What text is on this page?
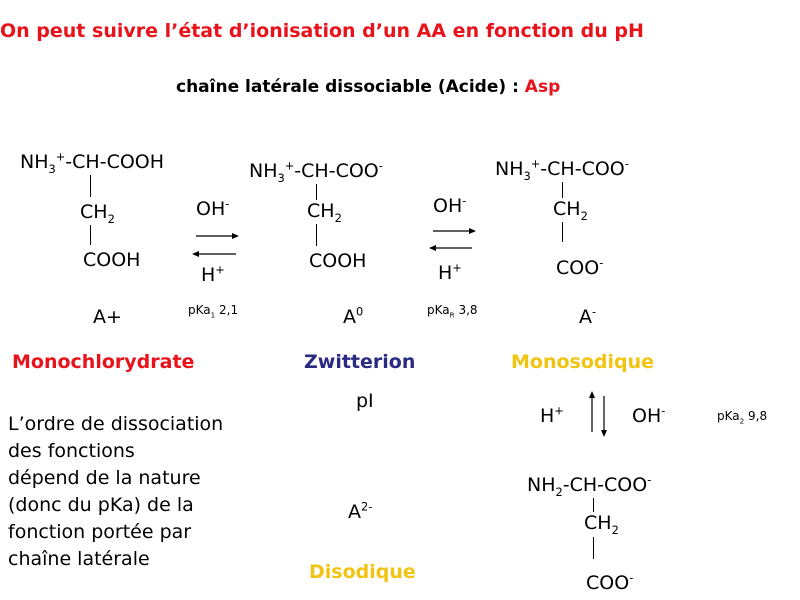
On peut suivre l’état d’ionisation d’un AA en fonction du pH
chaîne latérale dissociable (Acide) : Asp
$NH_3^+-CH$-COOH
$CH_2$
COOH
$NH_3^+-CH-COO^-$
$CH_2$
COOH
$NH_3^+-CH-COO^-$
$CH_2$
COO-
$NH_2-CH-COO^-$
$CH_2$
COO-
OH-
H+
pKa$_1$ 2,1
OH-
H+
pKa$_R$ 3,8
H+	OH-	pKa$_2$ 9,8
A+	$A^0$	A-
$A^{2-}$
Monochlorydrate	Zwitterion	Monosodique
Disodique
pI
L’ordre de dissociation
des fonctions
dépend de la nature
(donc du pKa) de la
fonction portée par
chaîne latérale
